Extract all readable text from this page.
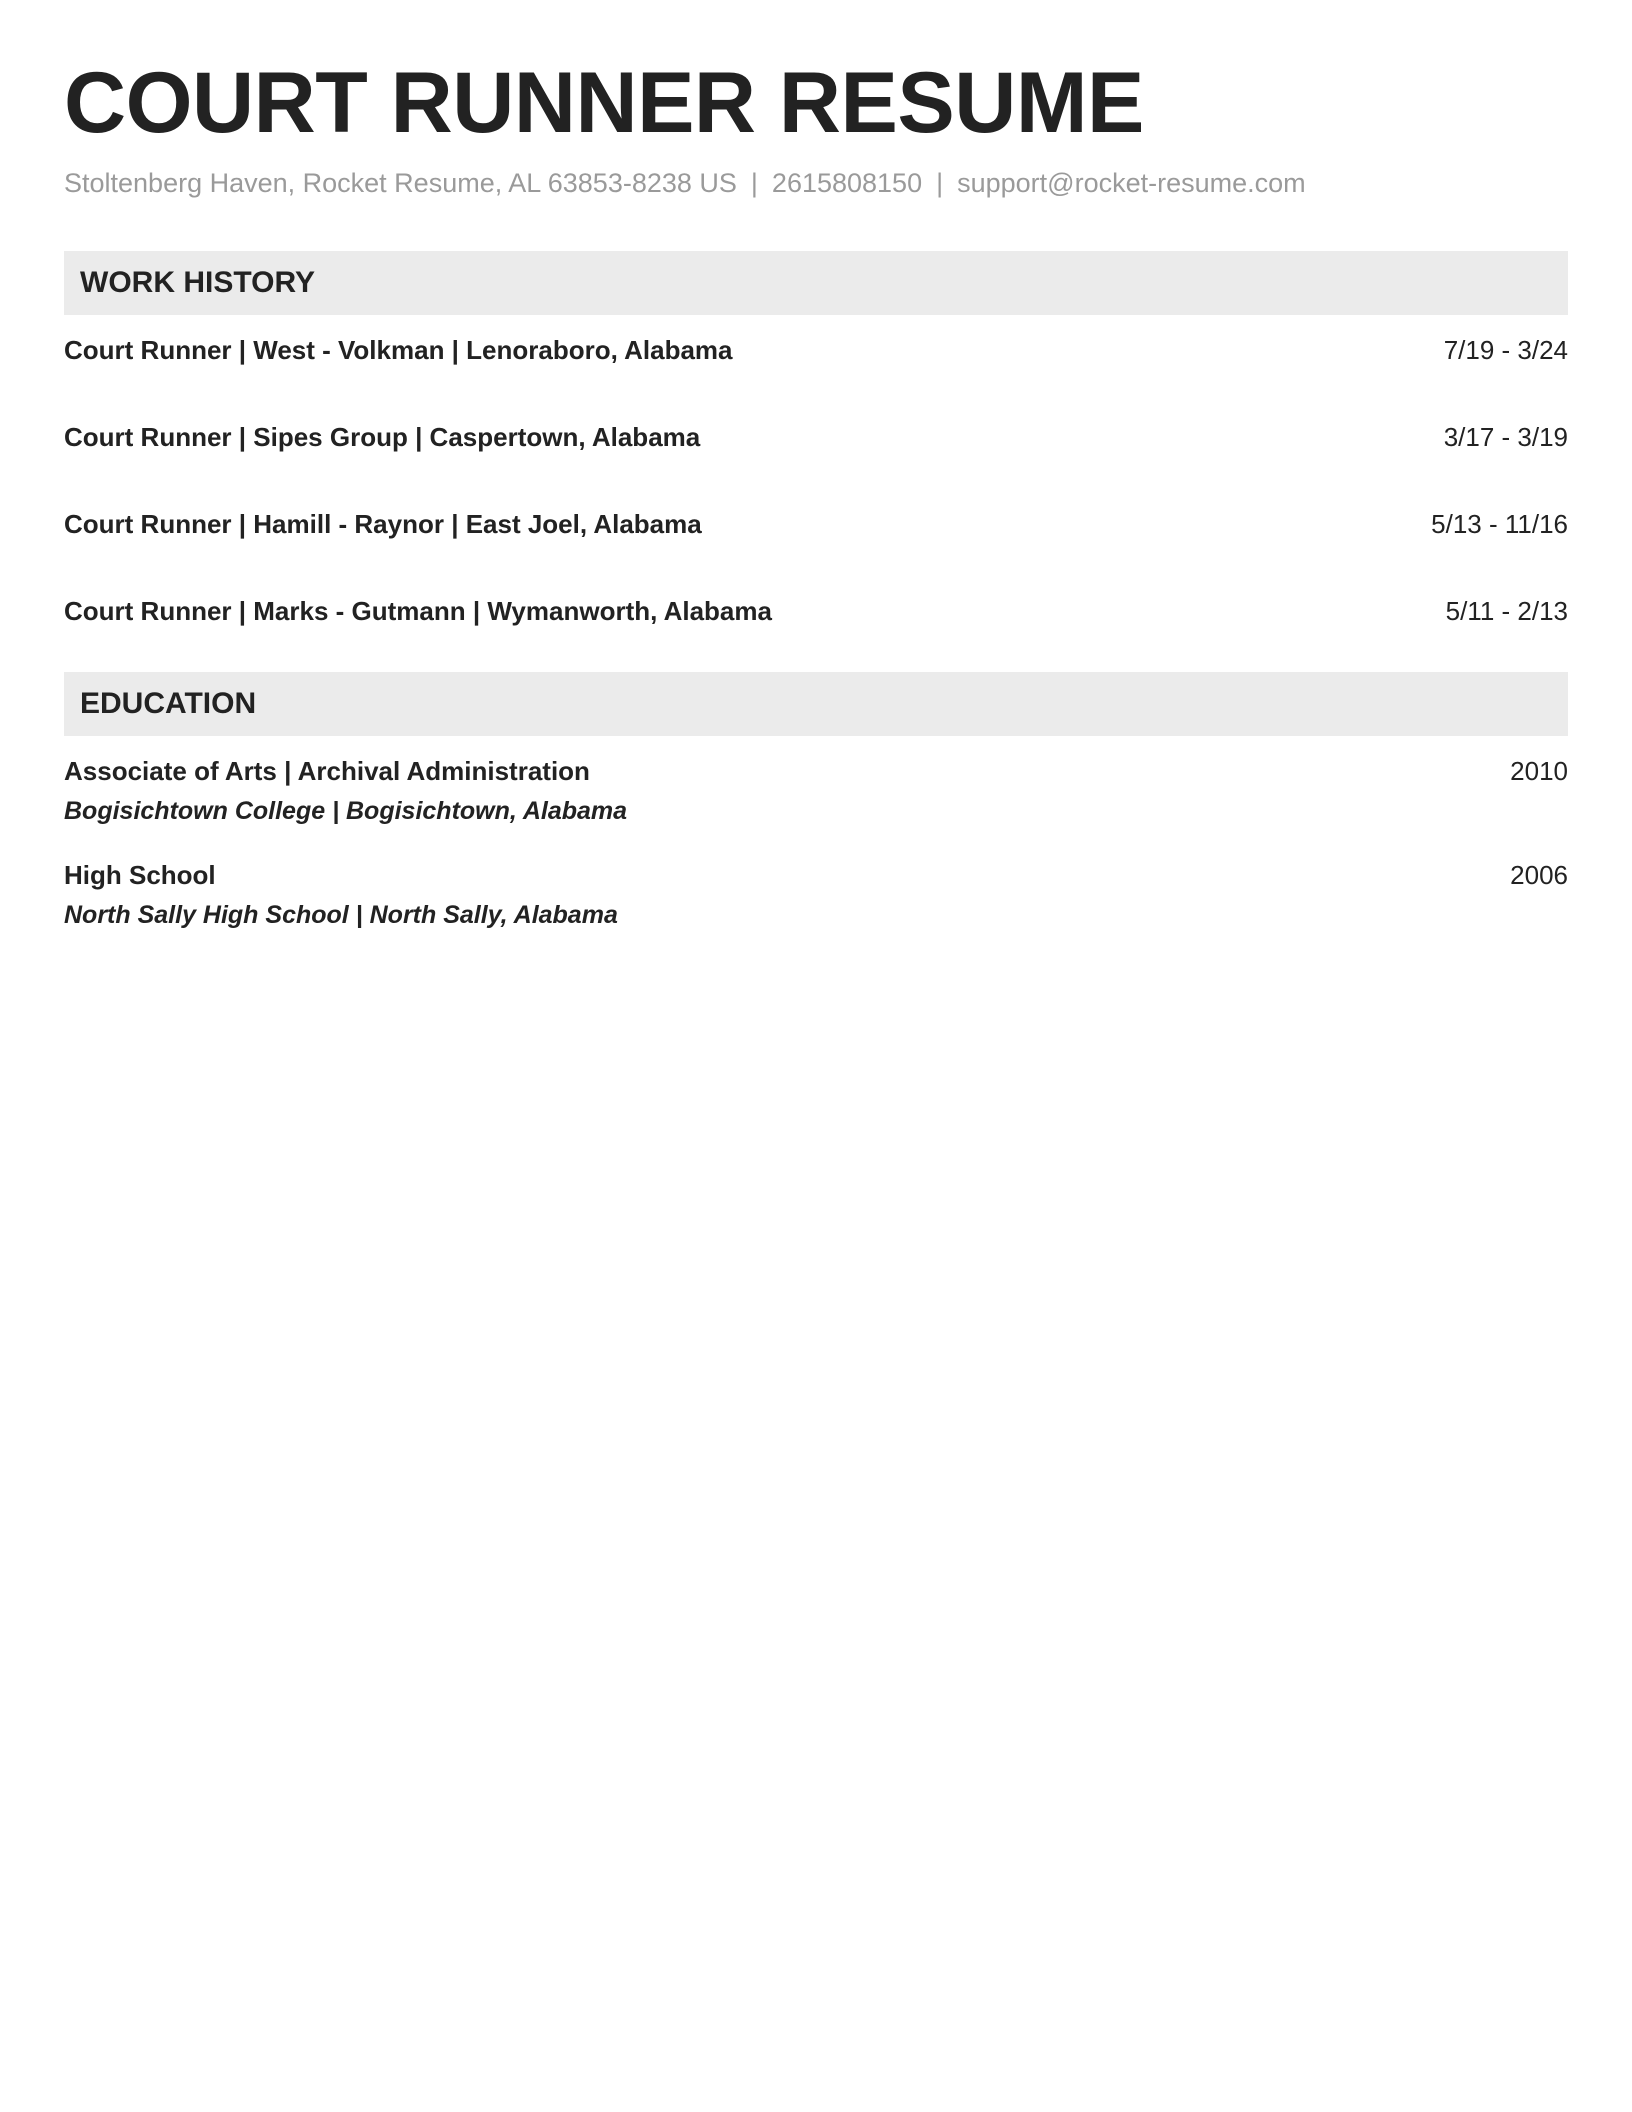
COURT RUNNER RESUME
Stoltenberg Haven, Rocket Resume, AL 63853-8238 US | 2615808150 | support@rocket-resume.com
WORK HISTORY
Court Runner | West - Volkman | Lenoraboro, Alabama	7/19 - 3/24
Court Runner | Sipes Group | Caspertown, Alabama	3/17 - 3/19
Court Runner | Hamill - Raynor | East Joel, Alabama	5/13 - 11/16
Court Runner | Marks - Gutmann | Wymanworth, Alabama	5/11 - 2/13
EDUCATION
Associate of Arts | Archival Administration	2010
Bogisichtown College | Bogisichtown, Alabama
High School	2006
North Sally High School | North Sally, Alabama
